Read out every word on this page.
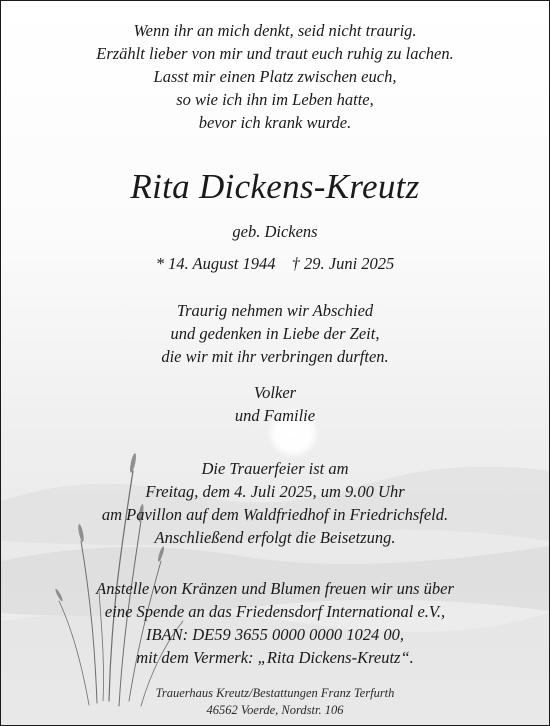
Wenn ihr an mich denkt, seid nicht traurig.
Erzählt lieber von mir und traut euch ruhig zu lachen.
Lasst mir einen Platz zwischen euch,
so wie ich ihn im Leben hatte,
bevor ich krank wurde.
Rita Dickens-Kreutz
geb. Dickens
* 14. August 1944 † 29. Juni 2025
Traurig nehmen wir Abschied
und gedenken in Liebe der Zeit,
die wir mit ihr verbringen durften.
Volker
und Familie
Die Trauerfeier ist am
Freitag, dem 4. Juli 2025, um 9.00 Uhr
am Pavillon auf dem Waldfriedhof in Friedrichsfeld.
Anschließend erfolgt die Beisetzung.
Anstelle von Kränzen und Blumen freuen wir uns über
eine Spende an das Friedensdorf International e.V.,
IBAN: DE59 3655 0000 0000 1024 00,
mit dem Vermerk: „Rita Dickens-Kreutz“.
Trauerhaus Kreutz/Bestattungen Franz Terfurth
46562 Voerde, Nordstr. 106
